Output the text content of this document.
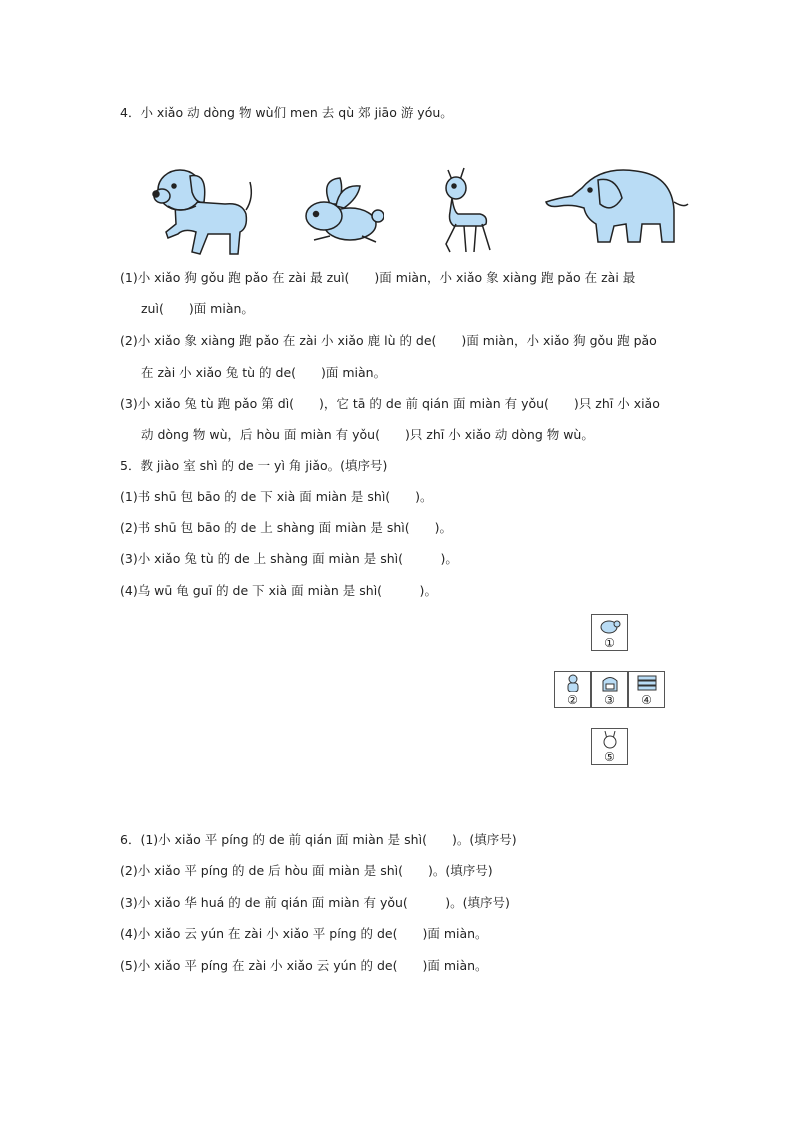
4．小 xiǎo 动 dòng 物 wù们 men 去 qù 郊 jiāo 游 yóu。
(1)小 xiǎo 狗 gǒu 跑 pǎo 在 zài 最 zuì(　　)面 miàn，小 xiǎo 象 xiàng 跑 pǎo 在 zài 最
zuì(　　)面 miàn。
(2)小 xiǎo 象 xiàng 跑 pǎo 在 zài 小 xiǎo 鹿 lù 的 de(　　)面 miàn，小 xiǎo 狗 gǒu 跑 pǎo
在 zài 小 xiǎo 兔 tù 的 de(　　)面 miàn。
(3)小 xiǎo 兔 tù 跑 pǎo 第 dì(　　)，它 tā 的 de 前 qián 面 miàn 有 yǒu(　　)只 zhī 小 xiǎo
动 dòng 物 wù，后 hòu 面 miàn 有 yǒu(　　)只 zhī 小 xiǎo 动 dòng 物 wù。
5．教 jiào 室 shì 的 de 一 yì 角 jiǎo。(填序号)
(1)书 shū 包 bāo 的 de 下 xià 面 miàn 是 shì(　　)。
(2)书 shū 包 bāo 的 de 上 shàng 面 miàn 是 shì(　　)。
(3)小 xiǎo 兔 tù 的 de 上 shàng 面 miàn 是 shì(　　　)。
(4)乌 wū 龟 guī 的 de 下 xià 面 miàn 是 shì(　　　)。
①
②	③	④
⑤
6．(1)小 xiǎo 平 píng 的 de 前 qián 面 miàn 是 shì(　　)。(填序号)
(2)小 xiǎo 平 píng 的 de 后 hòu 面 miàn 是 shì(　　)。(填序号)
(3)小 xiǎo 华 huá 的 de 前 qián 面 miàn 有 yǒu(　　　)。(填序号)
(4)小 xiǎo 云 yún 在 zài 小 xiǎo 平 píng 的 de(　　)面 miàn。
(5)小 xiǎo 平 píng 在 zài 小 xiǎo 云 yún 的 de(　　)面 miàn。
